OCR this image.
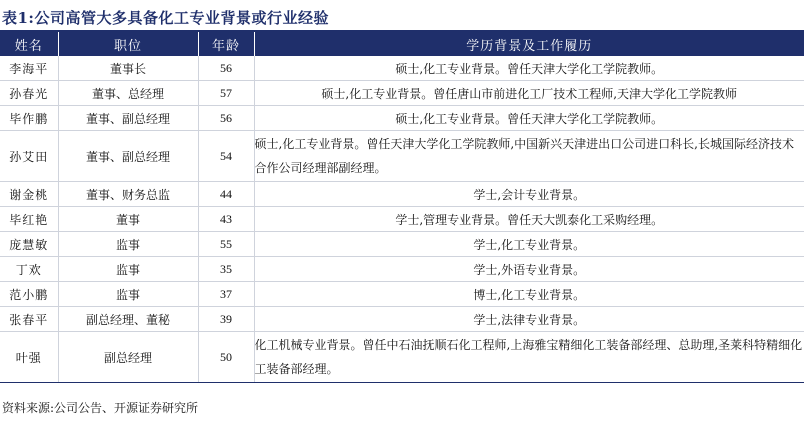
表1:公司高管大多具备化工专业背景或行业经验
姓名	职位	年龄	学历背景及工作履历
李海平	董事长	56	硕士,化工专业背景。曾任天津大学化工学院教师。
孙春光	董事、总经理	57	硕士,化工专业背景。曾任唐山市前进化工厂技术工程师,天津大学化工学院教师
毕作鹏	董事、副总经理	56	硕士,化工专业背景。曾任天津大学化工学院教师。
孙艾田	董事、副总经理	54	硕士,化工专业背景。曾任天津大学化工学院教师,中国新兴天津进出口公司进口科长,长城国际经济技术合作公司经理部副经理。

谢金桃	董事、财务总监	44	学士,会计专业背景。
毕红艳	董事	43	学士,管理专业背景。曾任天大凯泰化工采购经理。
庞慧敏	监事	55	学士,化工专业背景。
丁欢	监事	35	学士,外语专业背景。
范小鹏	监事	37	博士,化工专业背景。
张春平	副总经理、董秘	39	学士,法律专业背景。
叶强	副总经理	50	化工机械专业背景。曾任中石油抚顺石化工程师,上海雅宝精细化工装备部经理、总助理,圣莱科特精细化工装备部经理。
资料来源:公司公告、开源证券研究所
